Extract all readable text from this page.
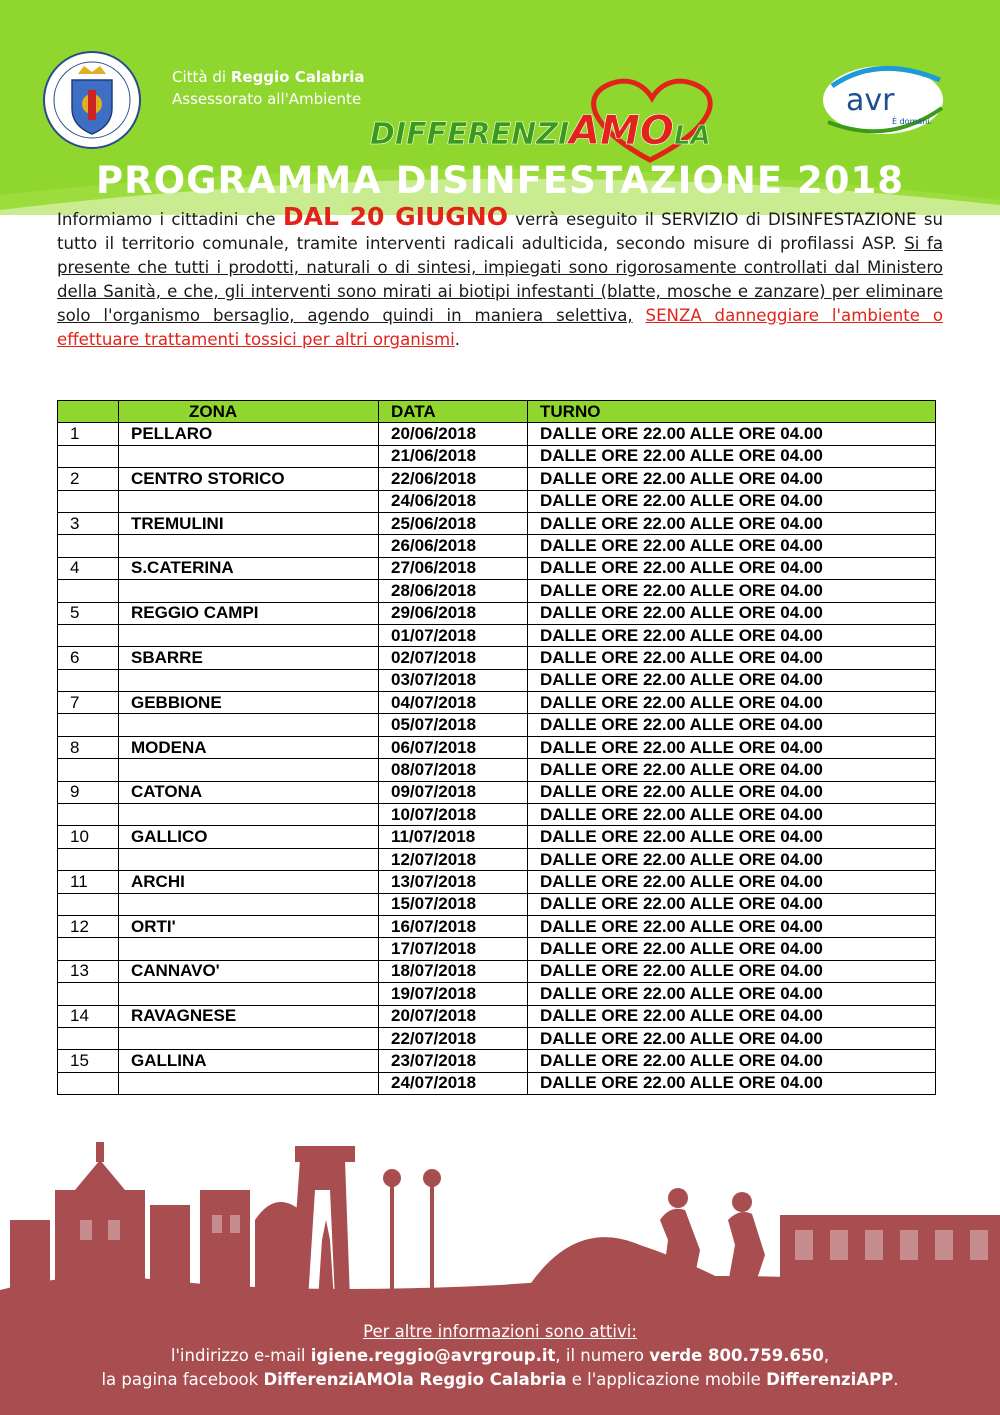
Città di Reggio Calabria
Assessorato all'Ambiente
DIFFERENZIAMOLA
avr
È domani.
PROGRAMMA DISINFESTAZIONE 2018
Informiamo i cittadini che DAL 20 GIUGNO verrà eseguito il SERVIZIO di DISINFESTAZIONE su tutto il territorio comunale, tramite interventi radicali adulticida, secondo misure di profilassi ASP. Si fa presente che tutti i prodotti, naturali o di sintesi, impiegati sono rigorosamente controllati dal Ministero della Sanità, e che, gli interventi sono mirati ai biotipi infestanti (blatte, mosche e zanzare) per eliminare solo l'organismo bersaglio, agendo quindi in maniera selettiva, SENZA danneggiare l'ambiente o effettuare trattamenti tossici per altri organismi.
	ZONA	DATA	TURNO
1	PELLARO	20/06/2018	DALLE ORE 22.00 ALLE ORE 04.00
		21/06/2018	DALLE ORE 22.00 ALLE ORE 04.00
2	CENTRO STORICO	22/06/2018	DALLE ORE 22.00 ALLE ORE 04.00
		24/06/2018	DALLE ORE 22.00 ALLE ORE 04.00
3	TREMULINI	25/06/2018	DALLE ORE 22.00 ALLE ORE 04.00
		26/06/2018	DALLE ORE 22.00 ALLE ORE 04.00
4	S.CATERINA	27/06/2018	DALLE ORE 22.00 ALLE ORE 04.00
		28/06/2018	DALLE ORE 22.00 ALLE ORE 04.00
5	REGGIO CAMPI	29/06/2018	DALLE ORE 22.00 ALLE ORE 04.00
		01/07/2018	DALLE ORE 22.00 ALLE ORE 04.00
6	SBARRE	02/07/2018	DALLE ORE 22.00 ALLE ORE 04.00
		03/07/2018	DALLE ORE 22.00 ALLE ORE 04.00
7	GEBBIONE	04/07/2018	DALLE ORE 22.00 ALLE ORE 04.00
		05/07/2018	DALLE ORE 22.00 ALLE ORE 04.00
8	MODENA	06/07/2018	DALLE ORE 22.00 ALLE ORE 04.00
		08/07/2018	DALLE ORE 22.00 ALLE ORE 04.00
9	CATONA	09/07/2018	DALLE ORE 22.00 ALLE ORE 04.00
		10/07/2018	DALLE ORE 22.00 ALLE ORE 04.00
10	GALLICO	11/07/2018	DALLE ORE 22.00 ALLE ORE 04.00
		12/07/2018	DALLE ORE 22.00 ALLE ORE 04.00
11	ARCHI	13/07/2018	DALLE ORE 22.00 ALLE ORE 04.00
		15/07/2018	DALLE ORE 22.00 ALLE ORE 04.00
12	ORTI'	16/07/2018	DALLE ORE 22.00 ALLE ORE 04.00
		17/07/2018	DALLE ORE 22.00 ALLE ORE 04.00
13	CANNAVO'	18/07/2018	DALLE ORE 22.00 ALLE ORE 04.00
		19/07/2018	DALLE ORE 22.00 ALLE ORE 04.00
14	RAVAGNESE	20/07/2018	DALLE ORE 22.00 ALLE ORE 04.00
		22/07/2018	DALLE ORE 22.00 ALLE ORE 04.00
15	GALLINA	23/07/2018	DALLE ORE 22.00 ALLE ORE 04.00
		24/07/2018	DALLE ORE 22.00 ALLE ORE 04.00
Per altre informazioni sono attivi:
l'indirizzo e-mail igiene.reggio@avrgroup.it, il numero verde 800.759.650,
la pagina facebook DifferenziAMOla Reggio Calabria e l'applicazione mobile DifferenziAPP.
